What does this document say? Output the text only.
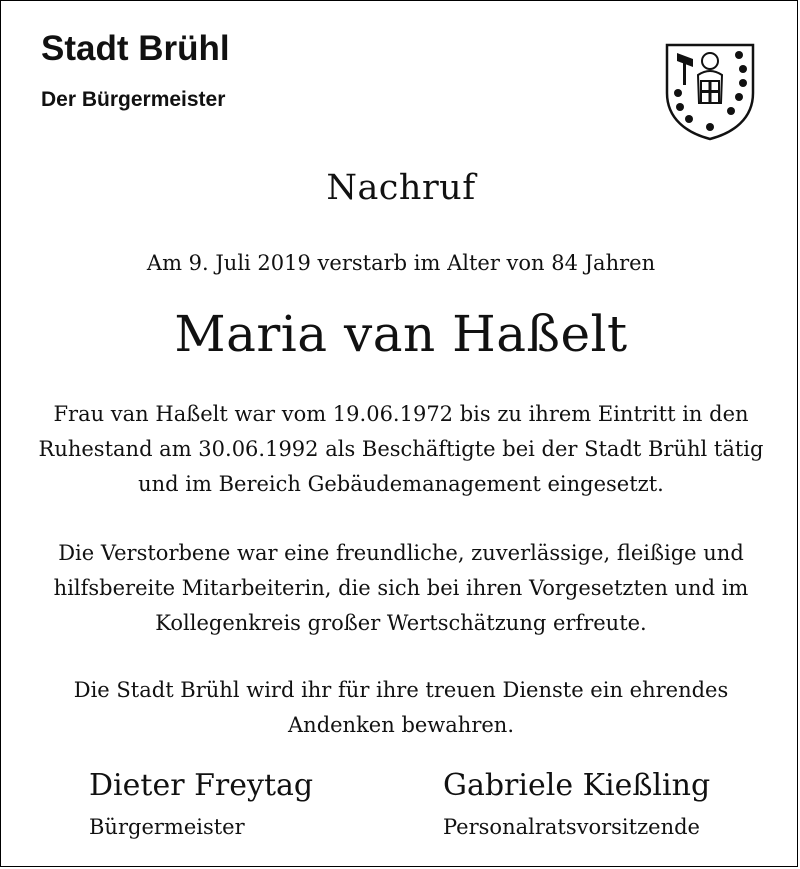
Stadt Brühl
Der Bürgermeister
Nachruf
Am 9. Juli 2019 verstarb im Alter von 84 Jahren
Maria van Haßelt
Frau van Haßelt war vom 19.06.1972 bis zu ihrem Eintritt in den
Ruhestand am 30.06.1992 als Beschäftigte bei der Stadt Brühl tätig
und im Bereich Gebäudemanagement eingesetzt.
Die Verstorbene war eine freundliche, zuverlässige, fleißige und
hilfsbereite Mitarbeiterin, die sich bei ihren Vorgesetzten und im
Kollegenkreis großer Wertschätzung erfreute.
Die Stadt Brühl wird ihr für ihre treuen Dienste ein ehrendes
Andenken bewahren.
Dieter Freytag
Bürgermeister
Gabriele Kießling
Personalratsvorsitzende
